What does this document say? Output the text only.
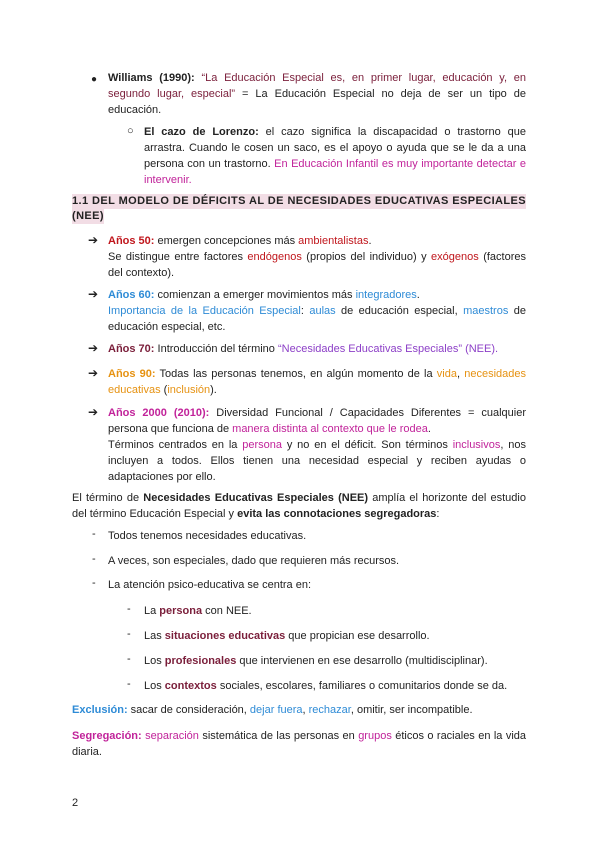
● Williams (1990): “La Educación Especial es, en primer lugar, educación y, en
segundo lugar, especial” = La Educación Especial no deja de ser un tipo de
educación.
○ El cazo de Lorenzo: el cazo significa la discapacidad o trastorno que
arrastra. Cuando le cosen un saco, es el apoyo o ayuda que se le da a una
persona con un trastorno. En Educación Infantil es muy importante detectar e
intervenir.
1.1 DEL MODELO DE DÉFICITS AL DE NECESIDADES EDUCATIVAS ESPECIALES
(NEE)
➔ Años 50: emergen concepciones más ambientalistas.
Se distingue entre factores endógenos (propios del individuo) y exógenos (factores
del contexto).
➔ Años 60: comienzan a emerger movimientos más integradores.
Importancia de la Educación Especial: aulas de educación especial, maestros de
educación especial, etc.
➔ Años 70: Introducción del término “Necesidades Educativas Especiales” (NEE).
➔ Años 90: Todas las personas tenemos, en algún momento de la vida, necesidades
educativas (inclusión).
➔ Años 2000 (2010): Diversidad Funcional / Capacidades Diferentes = cualquier
persona que funciona de manera distinta al contexto que le rodea.
Términos centrados en la persona y no en el déficit. Son términos inclusivos, nos
incluyen a todos. Ellos tienen una necesidad especial y reciben ayudas o
adaptaciones por ello.
El término de Necesidades Educativas Especiales (NEE) amplía el horizonte del estudio
del término Educación Especial y evita las connotaciones segregadoras:
- Todos tenemos necesidades educativas.
- A veces, son especiales, dado que requieren más recursos.
- La atención psico-educativa se centra en:
- La persona con NEE.
- Las situaciones educativas que propician ese desarrollo.
- Los profesionales que intervienen en ese desarrollo (multidisciplinar).
- Los contextos sociales, escolares, familiares o comunitarios donde se da.
Exclusión: sacar de consideración, dejar fuera, rechazar, omitir, ser incompatible.
Segregación: separación sistemática de las personas en grupos éticos o raciales en la vida
diaria.
2
